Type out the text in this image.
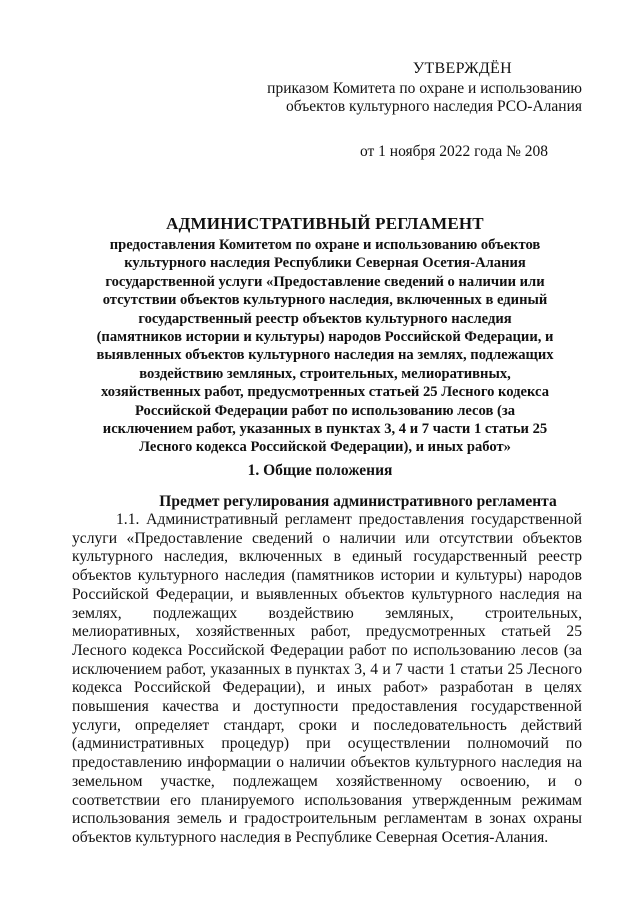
УТВЕРЖДЁН
приказом Комитета по охране и использованию
объектов культурного наследия РСО-Алания
от 1 ноября 2022 года № 208
АДМИНИСТРАТИВНЫЙ РЕГЛАМЕНТ
предоставления Комитетом по охране и использованию объектов культурного наследия Республики Северная Осетия-Алания государственной услуги «Предоставление сведений о наличии или отсутствии объектов культурного наследия, включенных в единый государственный реестр объектов культурного наследия (памятников истории и культуры) народов Российской Федерации, и выявленных объектов культурного наследия на землях, подлежащих воздействию земляных, строительных, мелиоративных, хозяйственных работ, предусмотренных статьей 25 Лесного кодекса Российской Федерации работ по использованию лесов (за исключением работ, указанных в пунктах 3, 4 и 7 части 1 статьи 25 Лесного кодекса Российской Федерации), и иных работ»
1. Общие положения
Предмет регулирования административного регламента

1.1. Административный регламент предоставления государственной услуги «Предоставление сведений о наличии или отсутствии объектов культурного наследия, включенных в единый государственный реестр объектов культурного наследия (памятников истории и культуры) народов Российской Федерации, и выявленных объектов культурного наследия на землях, подлежащих воздействию земляных, строительных, мелиоративных, хозяйственных работ, предусмотренных статьей 25 Лесного кодекса Российской Федерации работ по использованию лесов (за исключением работ, указанных в пунктах 3, 4 и 7 части 1 статьи 25 Лесного кодекса Российской Федерации), и иных работ» разработан в целях повышения качества и доступности предоставления государственной услуги, определяет стандарт, сроки и последовательность действий (административных процедур) при осуществлении полномочий по предоставлению информации о наличии объектов культурного наследия на земельном участке, подлежащем хозяйственному освоению, и о соответствии его планируемого использования утвержденным режимам использования земель и градостроительным регламентам в зонах охраны объектов культурного наследия в Республике Северная Осетия-Алания.
